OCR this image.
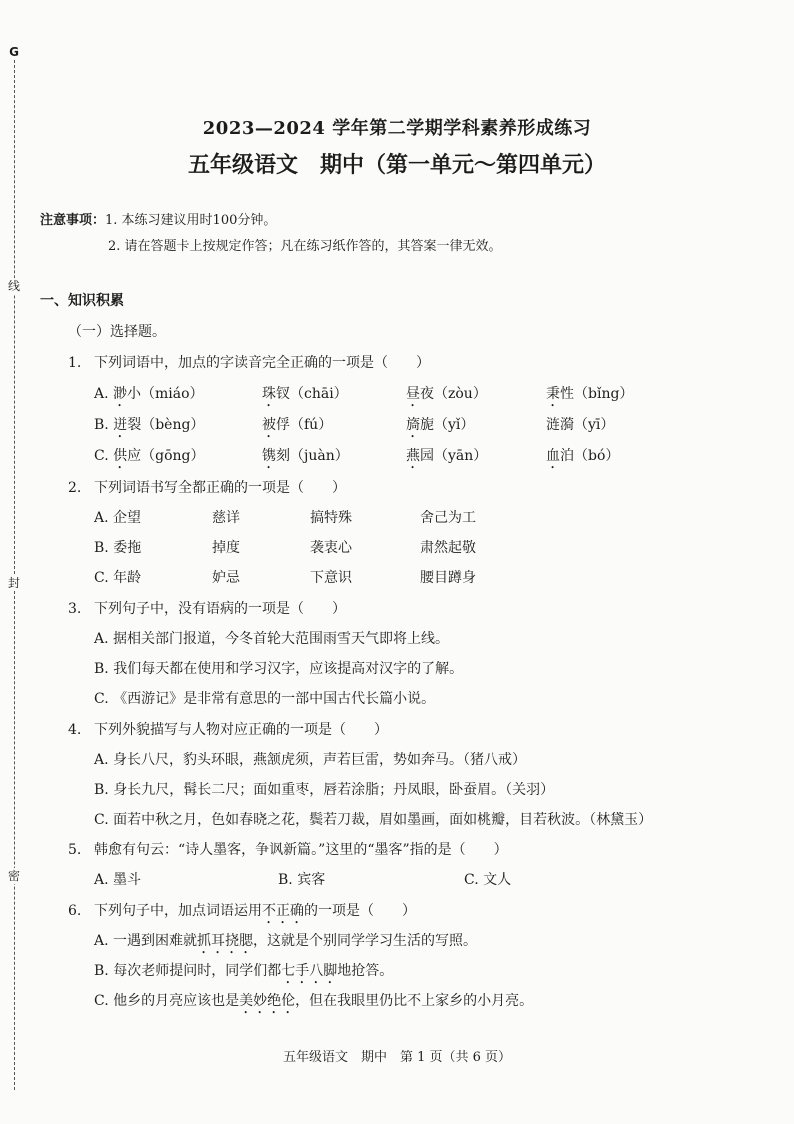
G
线
封
密
2023—2024 学年第二学期学科素养形成练习
五年级语文　期中（第一单元～第四单元）
注意事项：1. 本练习建议用时100分钟。
2. 请在答题卡上按规定作答；凡在练习纸作答的，其答案一律无效。
一、知识积累
（一）选择题。
1. 下列词语中，加点的字读音完全正确的一项是（　　）
A. 渺小（miáo）	珠钗（chāi）	昼夜（zòu）	秉性（bǐng）
B. 迸裂（bèng）	被俘（fú）	旖旎（yǐ）	涟漪（yī）
C. 供应（gōng）	镌刻（juàn）	燕园（yān）	血泊（bó）
2. 下列词语书写全都正确的一项是（　　）
A. 企望	慈详	搞特殊	舍己为工
B. 委拖	掉度	袭衷心	肃然起敬
C. 年龄	妒忌	下意识	腰目蹲身
3. 下列句子中，没有语病的一项是（　　）
A. 据相关部门报道，今冬首轮大范围雨雪天气即将上线。
B. 我们每天都在使用和学习汉字，应该提高对汉字的了解。
C. 《西游记》是非常有意思的一部中国古代长篇小说。
4. 下列外貌描写与人物对应正确的一项是（　　）
A. 身长八尺，豹头环眼，燕颔虎须，声若巨雷，势如奔马。（猪八戒）
B. 身长九尺，髯长二尺；面如重枣，唇若涂脂；丹凤眼，卧蚕眉。（关羽）
C. 面若中秋之月，色如春晓之花，鬓若刀裁，眉如墨画，面如桃瓣，目若秋波。（林黛玉）
5. 韩愈有句云：“诗人墨客，争讽新篇。”这里的“墨客”指的是（　　）
A. 墨斗	B. 宾客	C. 文人
6. 下列句子中，加点词语运用不正确的一项是（　　）
A. 一遇到困难就抓耳挠腮，这就是个别同学学习生活的写照。
B. 每次老师提问时，同学们都七手八脚地抢答。
C. 他乡的月亮应该也是美妙绝伦，但在我眼里仍比不上家乡的小月亮。
五年级语文　期中　第 1 页（共 6 页）
